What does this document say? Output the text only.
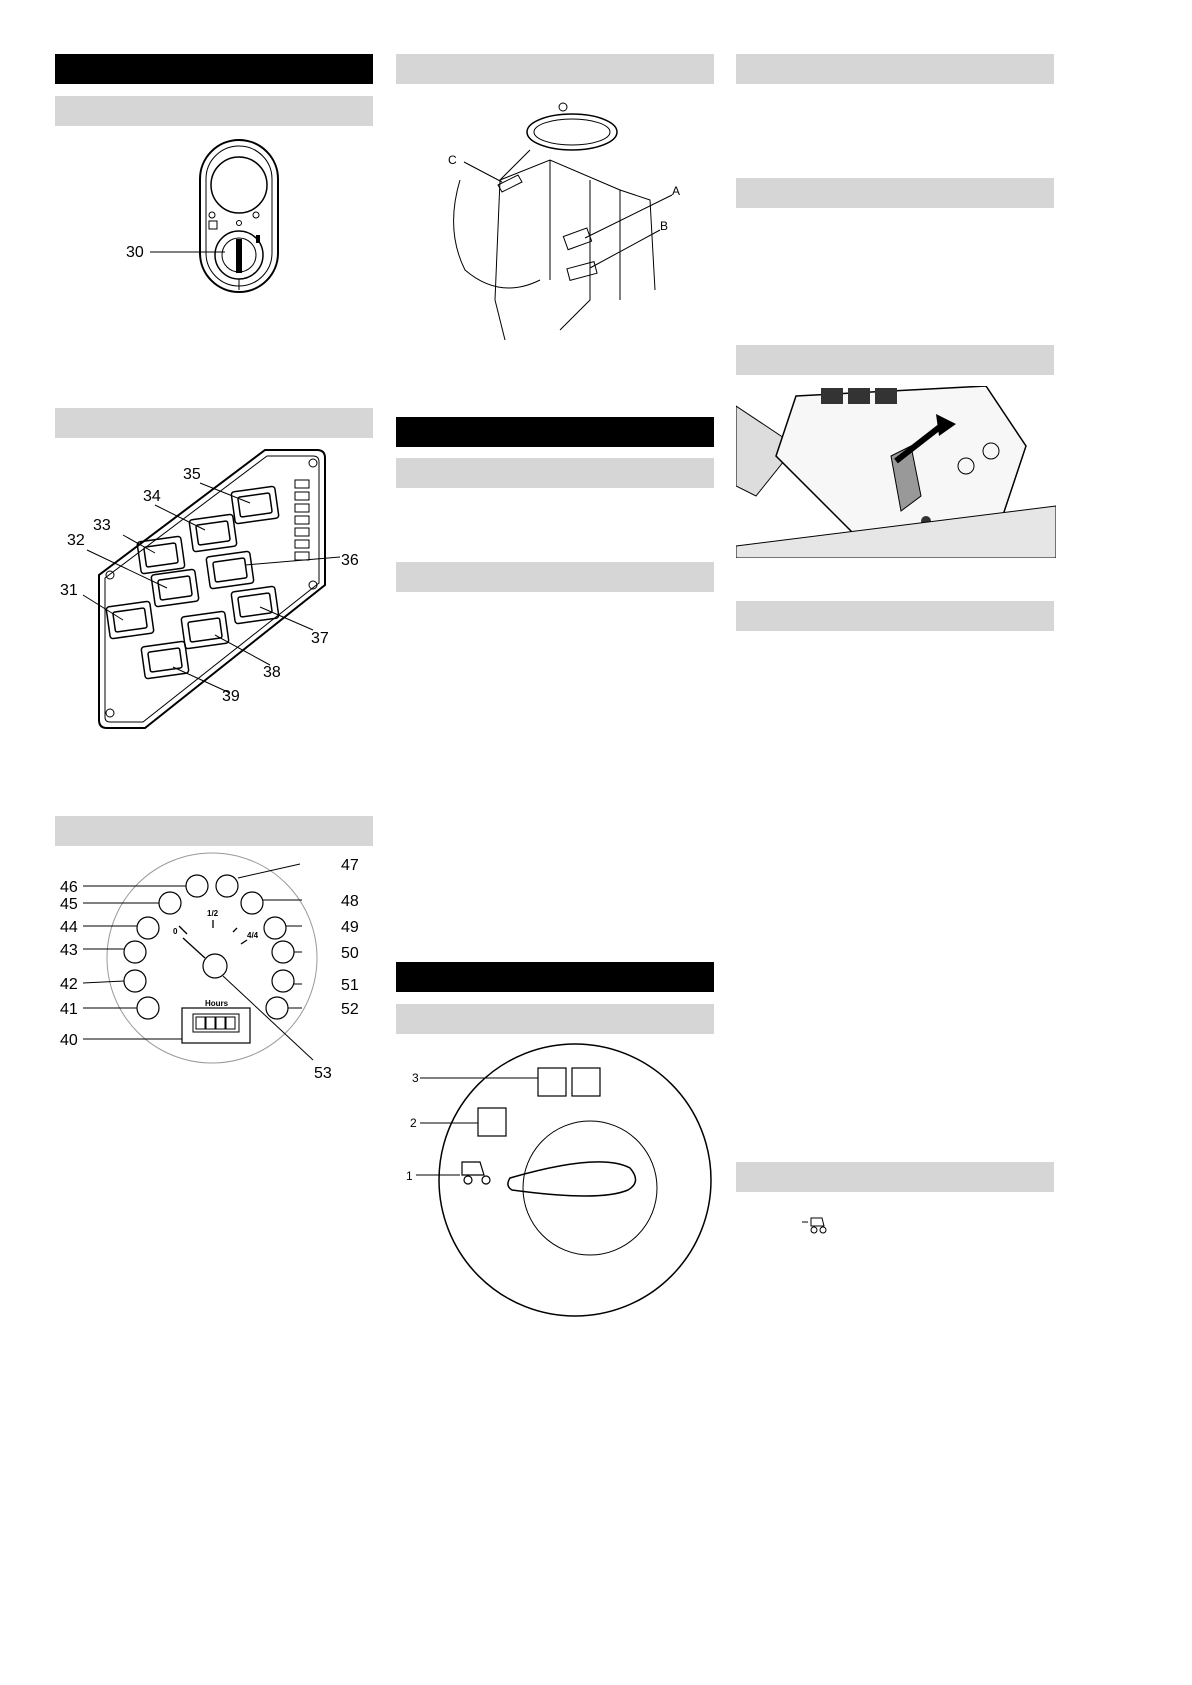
30
31
32
33
34
35
36
37
38
39
0
1/2
4/4
Hours
46
45
44
43
42
41
40
47
48
49
50
51
52
53
C
A
B
3
2
1
